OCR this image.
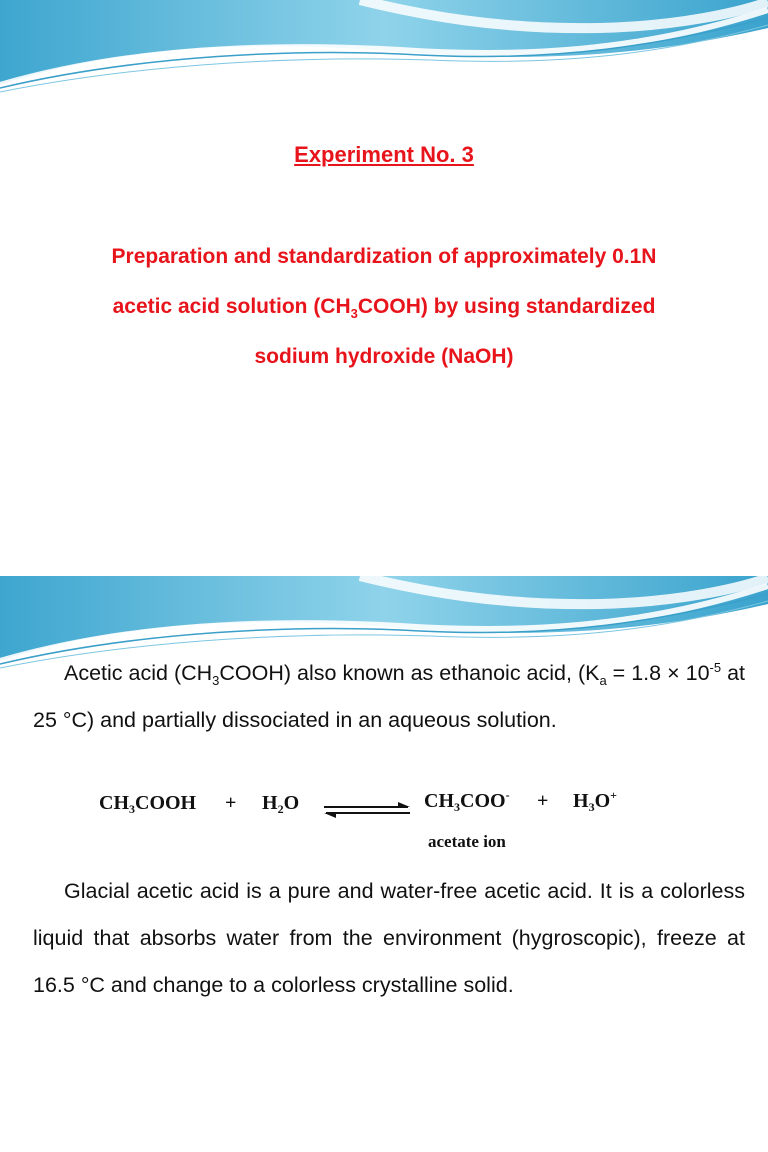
Experiment No. 3
Preparation and standardization of approximately 0.1N
acetic acid solution $(CH_3COOH)$ by using standardized
sodium hydroxide (NaOH)
Acetic acid $(CH_3COOH)$ also known as ethanoic acid, ($K_a = 1.8 \times 10^{-5}$ at 25 °C) and partially dissociated in an aqueous solution.
$CH_3COOH + H_2O$	$CH_3COO^- + H_3O^+$
acetate ion
Glacial acetic acid is a pure and water-free acetic acid. It is a colorless liquid that absorbs water from the environment (hygroscopic), freeze at 16.5 °C and change to a colorless crystalline solid.
